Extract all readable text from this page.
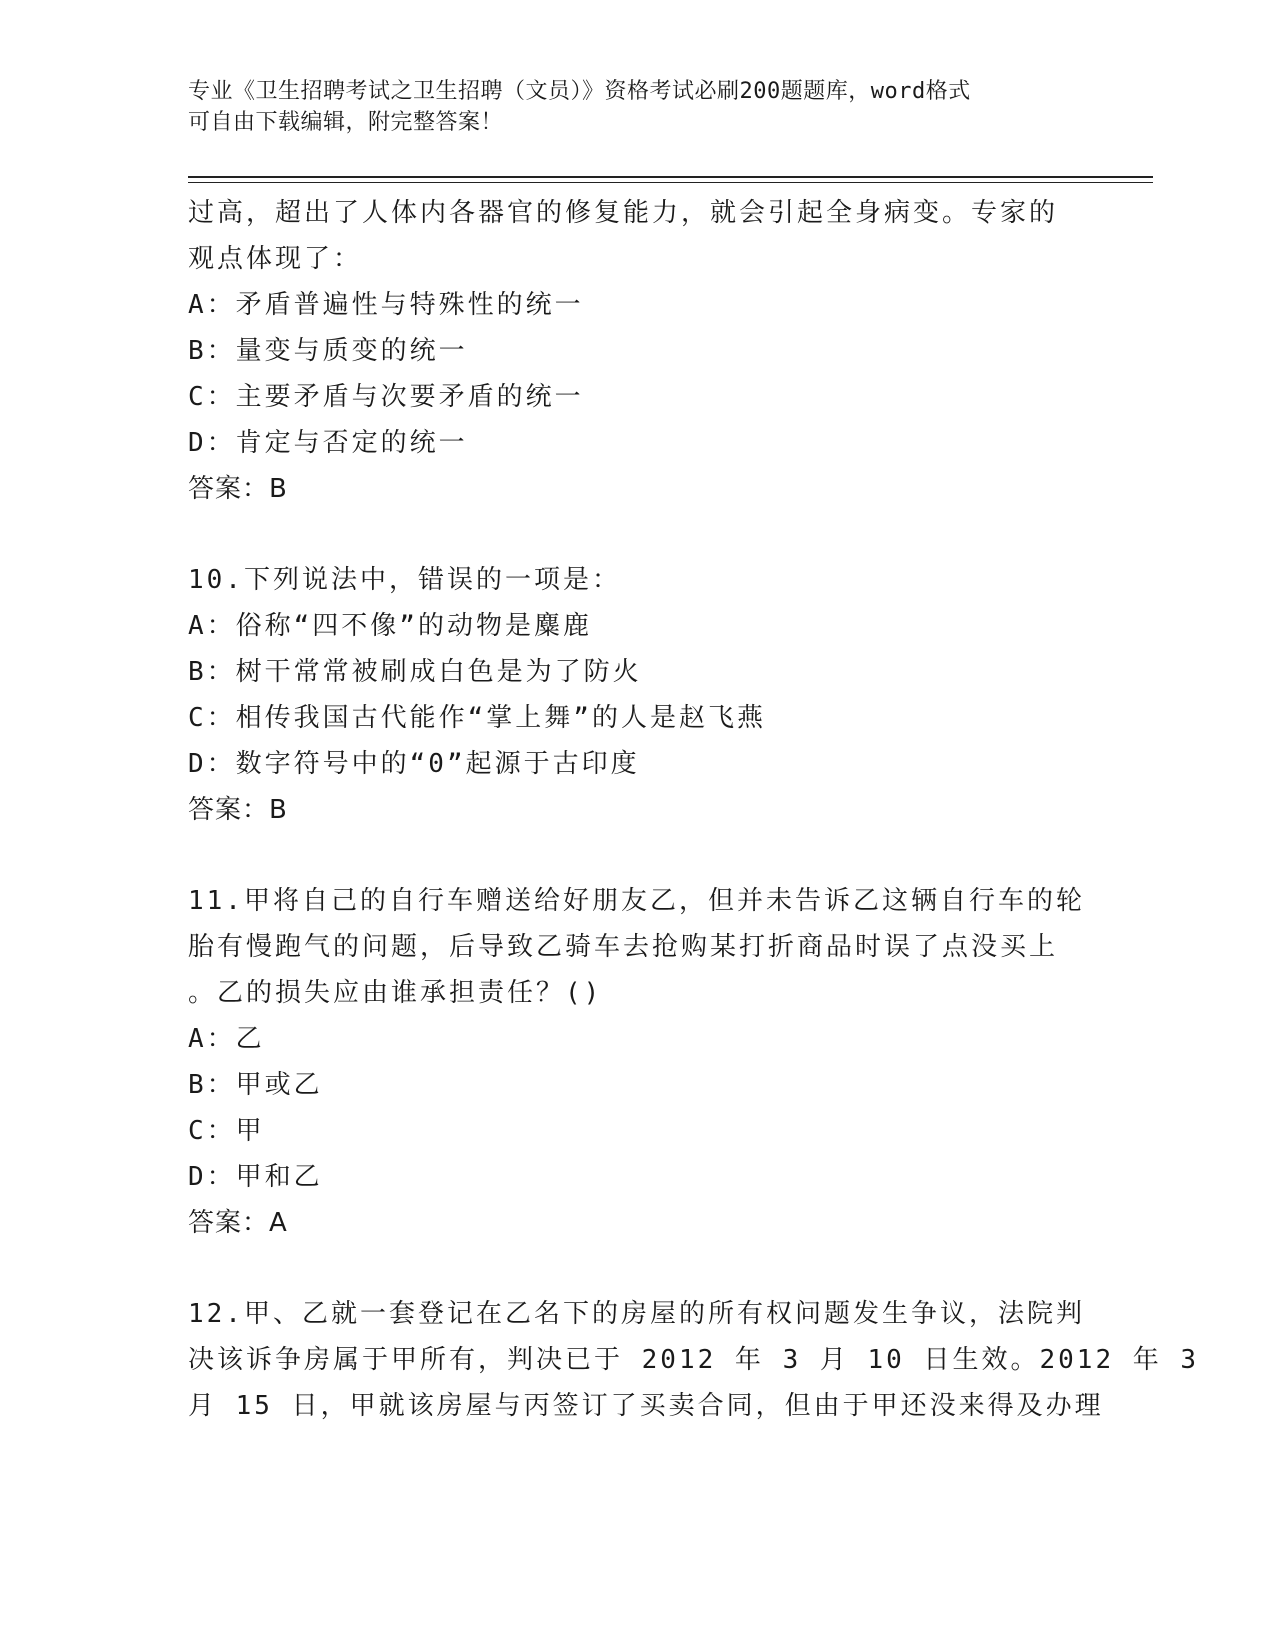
专业《卫生招聘考试之卫生招聘（文员）》资格考试必刷200题题库，word格式
可自由下载编辑，附完整答案！
过高，超出了人体内各器官的修复能力，就会引起全身病变。专家的
观点体现了：
A：矛盾普遍性与特殊性的统一
B：量变与质变的统一
C：主要矛盾与次要矛盾的统一
D：肯定与否定的统一
答案：B
10.下列说法中，错误的一项是：
A：俗称“四不像”的动物是麋鹿
B：树干常常被刷成白色是为了防火
C：相传我国古代能作“掌上舞”的人是赵飞燕
D：数字符号中的“0”起源于古印度
答案：B
11.甲将自己的自行车赠送给好朋友乙，但并未告诉乙这辆自行车的轮
胎有慢跑气的问题，后导致乙骑车去抢购某打折商品时误了点没买上
。乙的损失应由谁承担责任？()
A：乙
B：甲或乙
C：甲
D：甲和乙
答案：A
12.甲、乙就一套登记在乙名下的房屋的所有权问题发生争议，法院判
决该诉争房属于甲所有，判决已于 2012 年 3 月 10 日生效。2012 年 3
月 15 日，甲就该房屋与丙签订了买卖合同，但由于甲还没来得及办理
